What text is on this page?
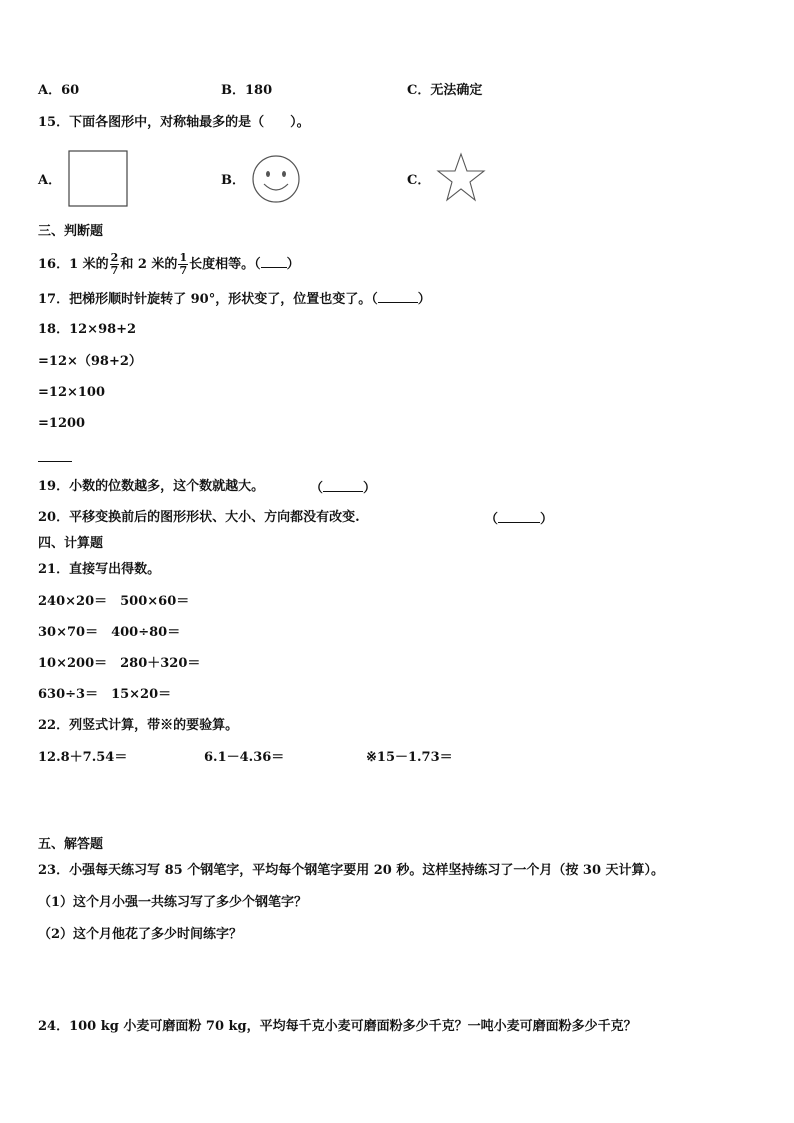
A．60	B．180	C．无法确定
15．下面各图形中，对称轴最多的是（　　）。
A．	B．	C．
三、判断题
16．1 米的 $\frac{2}{7}$ 和 2 米的 $\frac{1}{7}$ 长度相等。（ ）
17．把梯形顺时针旋转了 90°，形状变了，位置也变了。（	）
18．12×98+2
=12×（98+2）
=12×100
=1200
19．小数的位数越多，这个数就越大。	（	）
20．平移变换前后的图形形状、大小、方向都没有改变.	（	）
四、计算题
21．直接写出得数。
240×20＝　500×60＝
30×70＝　400÷80＝
10×200＝　280＋320＝
630÷3＝　15×20＝
22．列竖式计算，带※的要验算。
12.8＋7.54＝	6.1－4.36＝	※15－1.73＝
五、解答题
23．小强每天练习写 85 个钢笔字，平均每个钢笔字要用 20 秒。这样坚持练习了一个月（按 30 天计算）。
（1）这个月小强一共练习写了多少个钢笔字？
（2）这个月他花了多少时间练字？
24．100 kg 小麦可磨面粉 70 kg，平均每千克小麦可磨面粉多少千克？一吨小麦可磨面粉多少千克？
